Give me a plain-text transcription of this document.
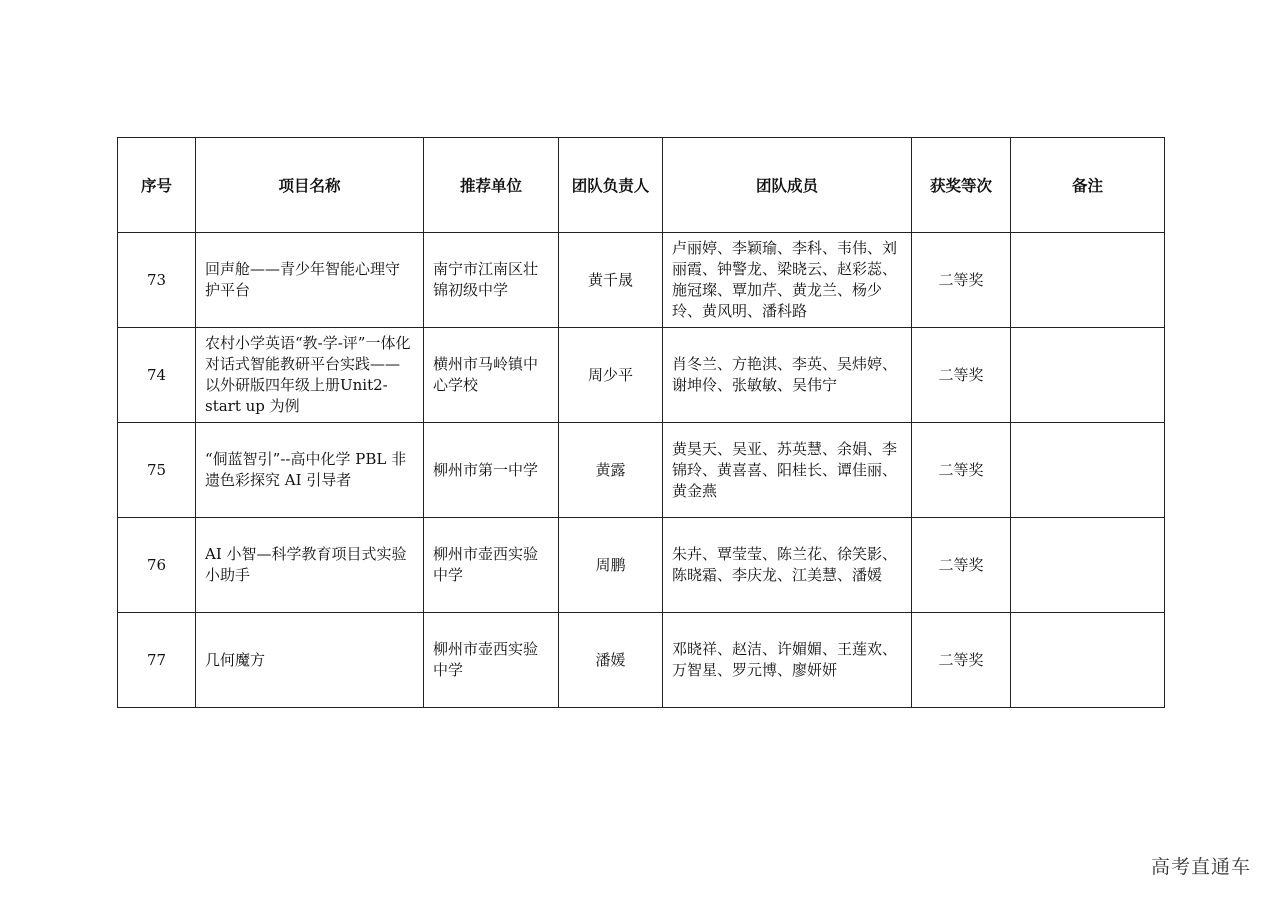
序号	项目名称	推荐单位	团队负责人	团队成员	获奖等次	备注
73	回声舱——青少年智能心理守护平台	南宁市江南区壮锦初级中学	黄千晟	卢丽婷、李颖瑜、李科、韦伟、刘丽霞、钟警龙、梁晓云、赵彩蕊、施冠璨、覃加芹、黄龙兰、杨少玲、黄风明、潘科路	二等奖	
74	农村小学英语“教-学-评”一体化对话式智能教研平台实践——以外研版四年级上册Unit2-start up 为例	横州市马岭镇中心学校	周少平	肖冬兰、方艳淇、李英、吴炜婷、谢坤伶、张敏敏、吴伟宁	二等奖	
75	“侗蓝智引”--高中化学 PBL 非遗色彩探究 AI 引导者	柳州市第一中学	黄露	黄昊天、吴亚、苏英慧、余娟、李锦玲、黄喜喜、阳桂长、谭佳丽、黄金燕	二等奖	
76	AI 小智—科学教育项目式实验小助手	柳州市壶西实验中学	周鹏	朱卉、覃莹莹、陈兰花、徐笑影、陈晓霜、李庆龙、江美慧、潘媛	二等奖	
77	几何魔方	柳州市壶西实验中学	潘媛	邓晓祥、赵洁、许媚媚、王莲欢、万智星、罗元博、廖妍妍	二等奖	
高考直通车
